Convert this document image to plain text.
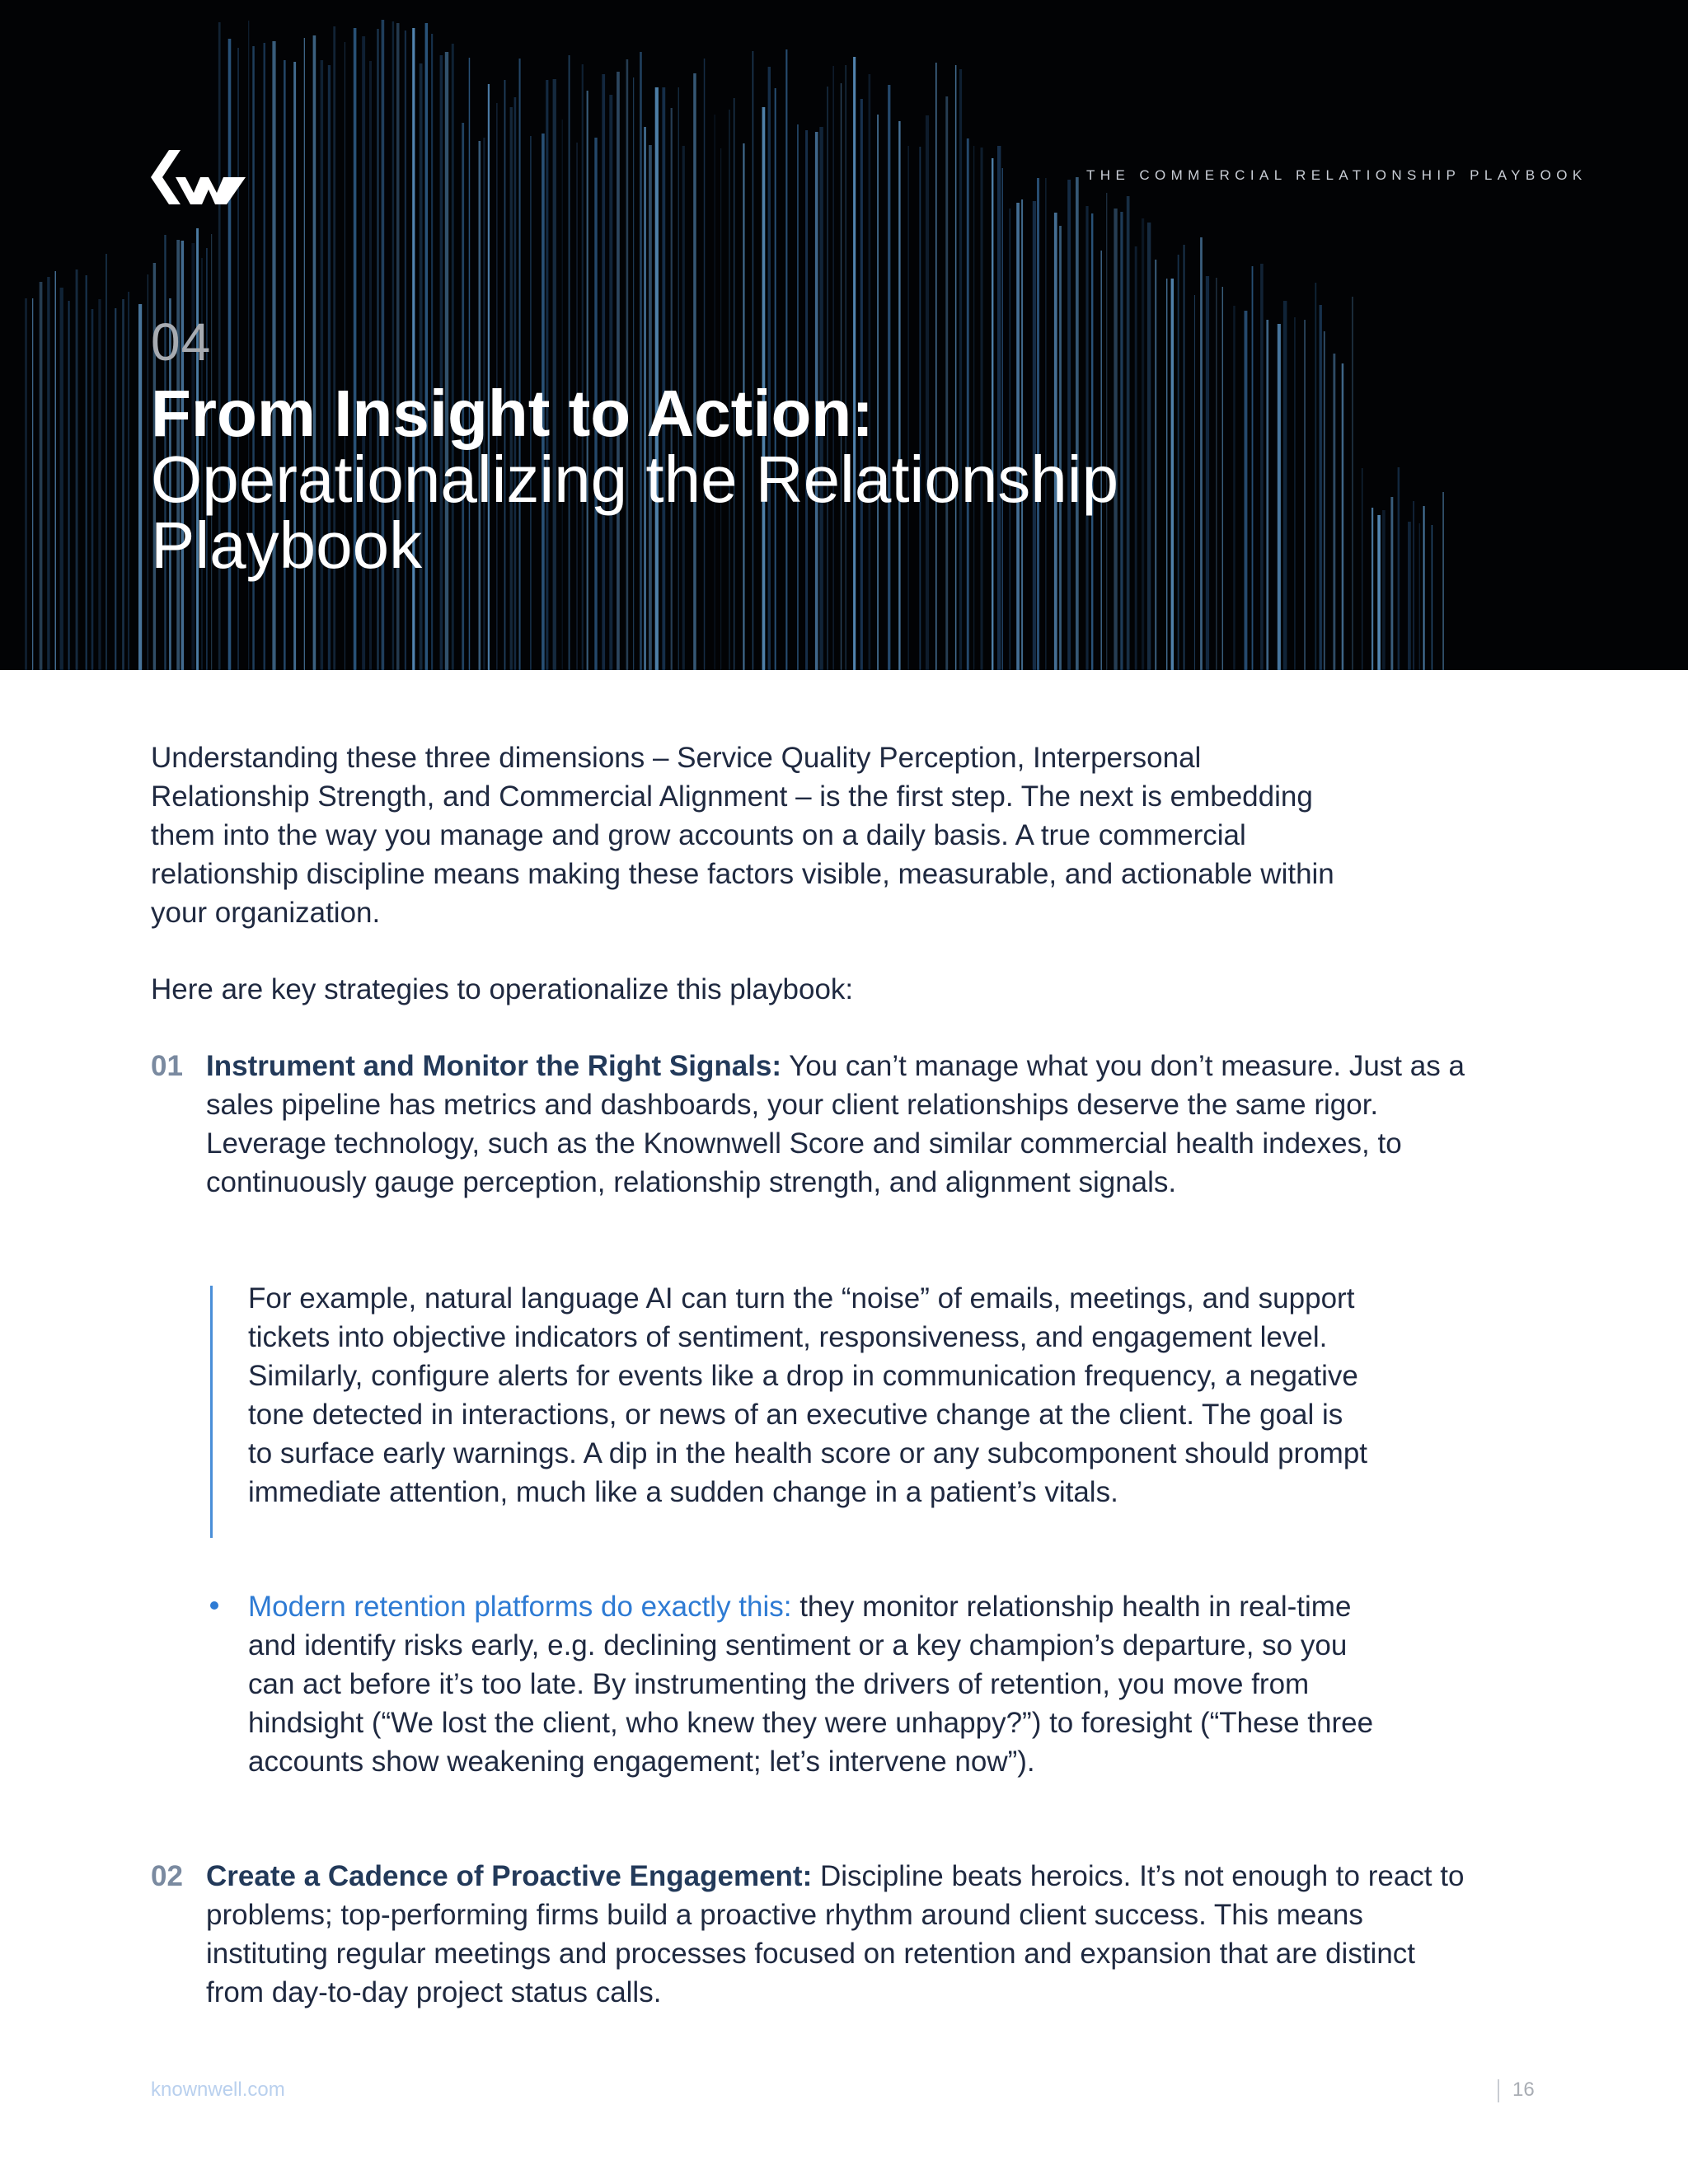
THE COMMERCIAL RELATIONSHIP PLAYBOOK
04
From Insight to Action:
Operationalizing the Relationship Playbook

Understanding these three dimensions – Service Quality Perception, Interpersonal Relationship Strength, and Commercial Alignment – is the first step. The next is embedding them into the way you manage and grow accounts on a daily basis. A true commercial relationship discipline means making these factors visible, measurable, and actionable within your organization.

Here are key strategies to operationalize this playbook:

01 Instrument and Monitor the Right Signals: You can’t manage what you don’t measure. Just as a sales pipeline has metrics and dashboards, your client relationships deserve the same rigor. Leverage technology, such as the Knownwell Score and similar commercial health indexes, to continuously gauge perception, relationship strength, and alignment signals.

For example, natural language AI can turn the “noise” of emails, meetings, and support tickets into objective indicators of sentiment, responsiveness, and engagement level. Similarly, configure alerts for events like a drop in communication frequency, a negative tone detected in interactions, or news of an executive change at the client. The goal is to surface early warnings. A dip in the health score or any subcomponent should prompt immediate attention, much like a sudden change in a patient’s vitals.

Modern retention platforms do exactly this: they monitor relationship health in real-time and identify risks early, e.g. declining sentiment or a key champion’s departure, so you can act before it’s too late. By instrumenting the drivers of retention, you move from hindsight (“We lost the client, who knew they were unhappy?”) to foresight (“These three accounts show weakening engagement; let’s intervene now”).

02 Create a Cadence of Proactive Engagement: Discipline beats heroics. It’s not enough to react to problems; top-performing firms build a proactive rhythm around client success. This means instituting regular meetings and processes focused on retention and expansion that are distinct from day-to-day project status calls.

knownwell.com	16
